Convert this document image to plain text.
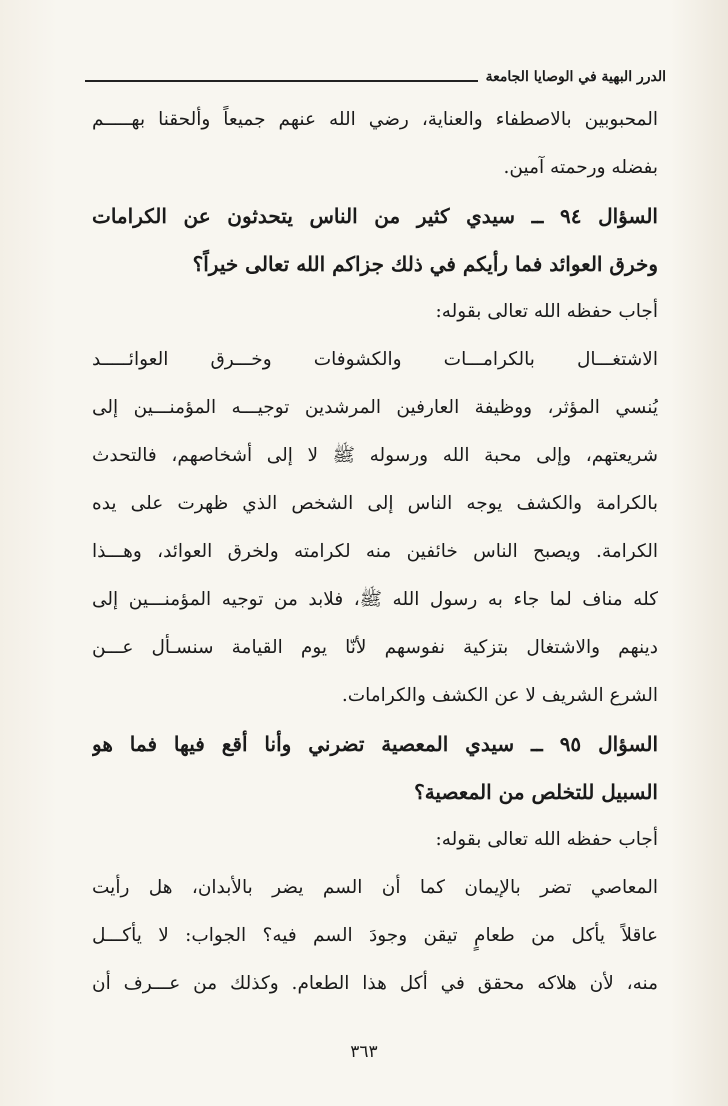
الدرر البهية في الوصايا الجامعة
المحبوبين بالاصطفاء والعناية، رضي الله عنهم جميعاً وألحقنا بهـــــم
بفضله ورحمته آمين.
السؤال ٩٤ ــ سيدي كثير من الناس يتحدثون عن الكرامات
وخرق العوائد فما رأيكم في ذلك جزاكم الله تعالى خيراً؟
أجاب حفظه الله تعالى بقوله:
الاشتغـــال بالكرامـــات والكشوفات وخـــرق العوائـــــد
يُنسي المؤثر، ووظيفة العارفين المرشدين توجيـــه المؤمنـــين إلى
شريعتهم، وإلى محبة الله ورسوله ﷺ لا إلى أشخاصهم، فالتحدث
بالكرامة والكشف يوجه الناس إلى الشخص الذي ظهرت على يده
الكرامة. ويصبح الناس خائفين منه لكرامته ولخرق العوائد، وهـــذا
كله مناف لما جاء به رسول الله ﷺ، فلابد من توجيه المؤمنـــين إلى
دينهم والاشتغال بتزكية نفوسهم لأنّا يوم القيامة سنسـأل عـــن
الشرع الشريف لا عن الكشف والكرامات.
السؤال ٩٥ ــ سيدي المعصية تضرني وأنا أقع فيها فما هو
السبيل للتخلص من المعصية؟
أجاب حفظه الله تعالى بقوله:
المعاصي تضر بالإيمان كما أن السم يضر بالأبدان، هل رأيت
عاقلاً يأكل من طعامٍ تيقن وجودَ السم فيه؟ الجواب: لا يأكـــل
منه، لأن هلاكه محقق في أكل هذا الطعام. وكذلك من عـــرف أن
٣٦٣
